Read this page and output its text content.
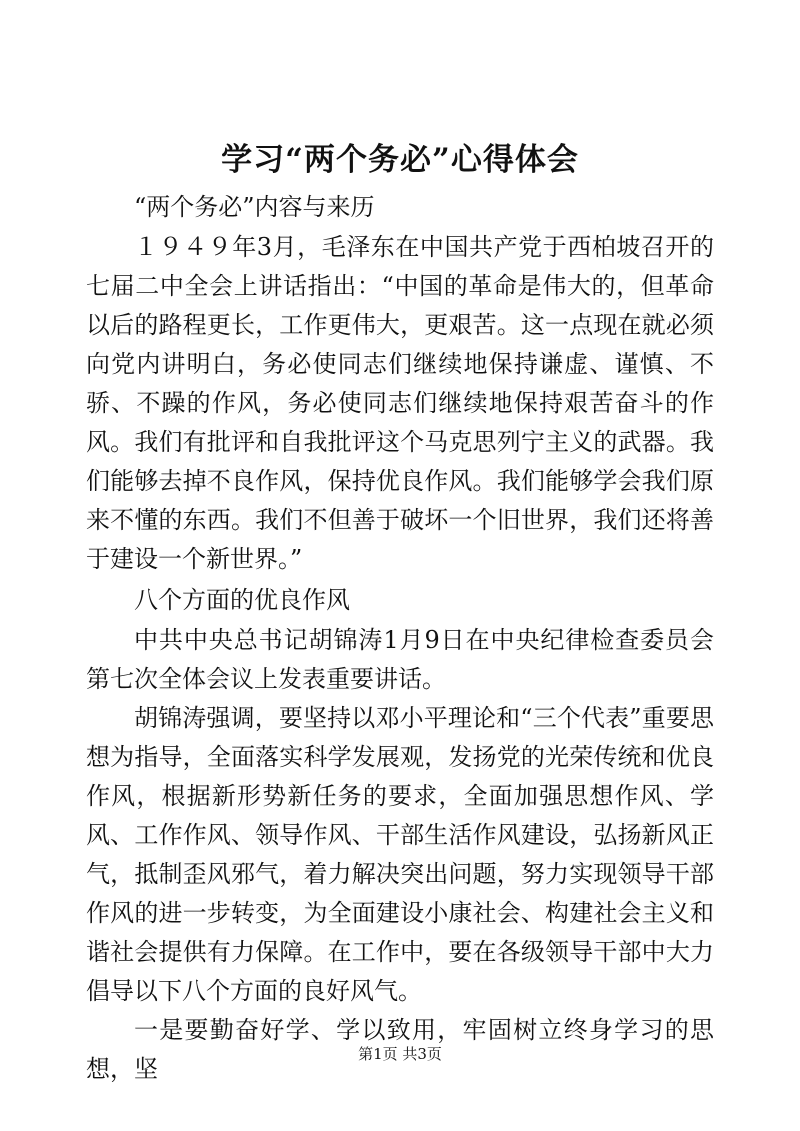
学习“两个务必”心得体会

“两个务必”内容与来历

１９４９年3月，毛泽东在中国共产党于西柏坡召开的七届二中全会上讲话指出：“中国的革命是伟大的，但革命以后的路程更长，工作更伟大，更艰苦。这一点现在就必须向党内讲明白，务必使同志们继续地保持谦虚、谨慎、不骄、不躁的作风，务必使同志们继续地保持艰苦奋斗的作风。我们有批评和自我批评这个马克思列宁主义的武器。我们能够去掉不良作风，保持优良作风。我们能够学会我们原来不懂的东西。我们不但善于破坏一个旧世界，我们还将善于建设一个新世界。”

八个方面的优良作风

中共中央总书记胡锦涛1月9日在中央纪律检查委员会第七次全体会议上发表重要讲话。

胡锦涛强调，要坚持以邓小平理论和“三个代表”重要思想为指导，全面落实科学发展观，发扬党的光荣传统和优良作风，根据新形势新任务的要求，全面加强思想作风、学风、工作作风、领导作风、干部生活作风建设，弘扬新风正气，抵制歪风邪气，着力解决突出问题，努力实现领导干部作风的进一步转变，为全面建设小康社会、构建社会主义和谐社会提供有力保障。在工作中，要在各级领导干部中大力倡导以下八个方面的良好风气。

一是要勤奋好学、学以致用，牢固树立终身学习的思想，坚

第1页 共3页
